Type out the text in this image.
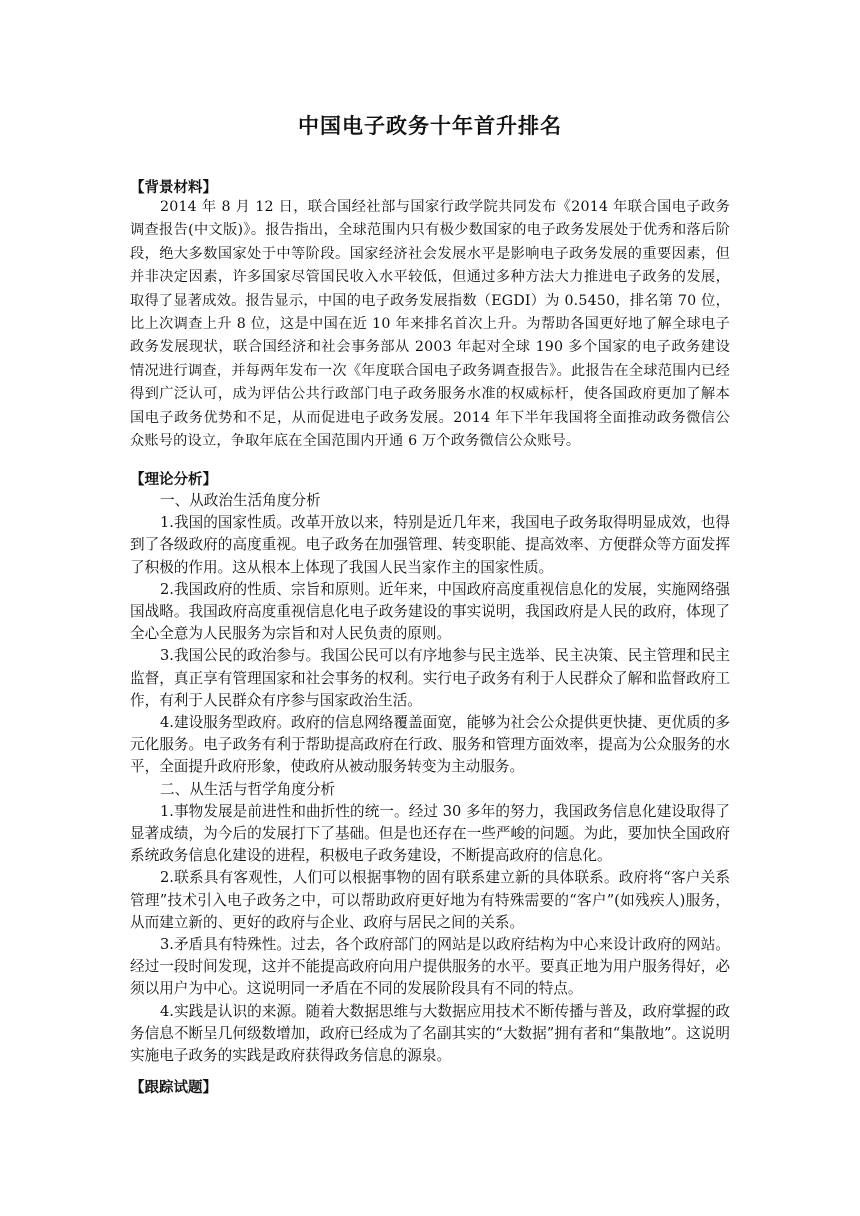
中国电子政务十年首升排名
【背景材料】
2014 年 8 月 12 日，联合国经社部与国家行政学院共同发布《2014 年联合国电子政务调查报告(中文版)》。报告指出，全球范围内只有极少数国家的电子政务发展处于优秀和落后阶段，绝大多数国家处于中等阶段。国家经济社会发展水平是影响电子政务发展的重要因素，但并非决定因素，许多国家尽管国民收入水平较低，但通过多种方法大力推进电子政务的发展，取得了显著成效。报告显示，中国的电子政务发展指数（EGDI）为 0.5450，排名第 70 位，比上次调查上升 8 位，这是中国在近 10 年来排名首次上升。为帮助各国更好地了解全球电子政务发展现状，联合国经济和社会事务部从 2003 年起对全球 190 多个国家的电子政务建设情况进行调查，并每两年发布一次《年度联合国电子政务调查报告》。此报告在全球范围内已经得到广泛认可，成为评估公共行政部门电子政务服务水准的权威标杆，使各国政府更加了解本国电子政务优势和不足，从而促进电子政务发展。2014 年下半年我国将全面推动政务微信公众账号的设立，争取年底在全国范围内开通 6 万个政务微信公众账号。
【理论分析】

一、从政治生活角度分析

1.我国的国家性质。改革开放以来，特别是近几年来，我国电子政务取得明显成效，也得到了各级政府的高度重视。电子政务在加强管理、转变职能、提高效率、方便群众等方面发挥了积极的作用。这从根本上体现了我国人民当家作主的国家性质。

2.我国政府的性质、宗旨和原则。近年来，中国政府高度重视信息化的发展，实施网络强国战略。我国政府高度重视信息化电子政务建设的事实说明，我国政府是人民的政府，体现了全心全意为人民服务为宗旨和对人民负责的原则。

3.我国公民的政治参与。我国公民可以有序地参与民主选举、民主决策、民主管理和民主监督，真正享有管理国家和社会事务的权利。实行电子政务有利于人民群众了解和监督政府工作，有利于人民群众有序参与国家政治生活。

4.建设服务型政府。政府的信息网络覆盖面宽，能够为社会公众提供更快捷、更优质的多元化服务。电子政务有利于帮助提高政府在行政、服务和管理方面效率，提高为公众服务的水平，全面提升政府形象，使政府从被动服务转变为主动服务。

二、从生活与哲学角度分析

1.事物发展是前进性和曲折性的统一。经过 30 多年的努力，我国政务信息化建设取得了显著成绩，为今后的发展打下了基础。但是也还存在一些严峻的问题。为此，要加快全国政府系统政务信息化建设的进程，积极电子政务建设，不断提高政府的信息化。

2.联系具有客观性，人们可以根据事物的固有联系建立新的具体联系。政府将“客户关系管理”技术引入电子政务之中，可以帮助政府更好地为有特殊需要的“客户”(如残疾人)服务，从而建立新的、更好的政府与企业、政府与居民之间的关系。

3.矛盾具有特殊性。过去，各个政府部门的网站是以政府结构为中心来设计政府的网站。经过一段时间发现，这并不能提高政府向用户提供服务的水平。要真正地为用户服务得好，必须以用户为中心。这说明同一矛盾在不同的发展阶段具有不同的特点。

4.实践是认识的来源。随着大数据思维与大数据应用技术不断传播与普及，政府掌握的政务信息不断呈几何级数增加，政府已经成为了名副其实的“大数据”拥有者和“集散地”。这说明实施电子政务的实践是政府获得政务信息的源泉。

【跟踪试题】
